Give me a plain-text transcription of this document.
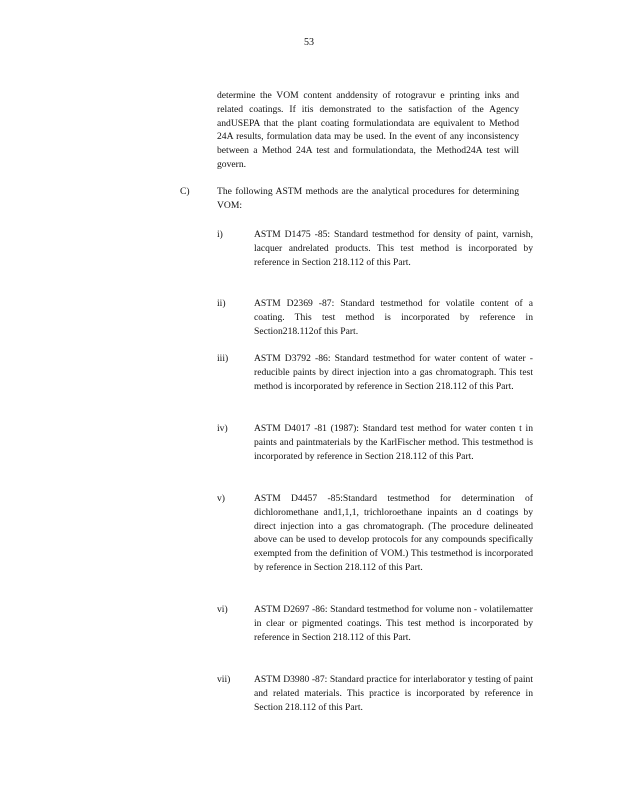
53
determine the VOM content anddensity of rotogravur e printing inks and related coatings. If itis demonstrated to the satisfaction of the Agency andUSEPA that the plant coating formulationdata are equivalent to Method 24A results, formulation data may be used. In the event of any inconsistency between a Method 24A test and formulationdata, the Method24A test will govern.
C)	The following ASTM methods are the analytical procedures for determining VOM:
i)	ASTM D1475 -85: Standard testmethod for density of paint, varnish, lacquer andrelated products. This test method is incorporated by reference in Section 218.112 of this Part.
ii)	ASTM D2369 -87: Standard testmethod for volatile content of a coating. This test method is incorporated by reference in Section218.112of this Part.
iii)	ASTM D3792 -86: Standard testmethod for water content of water -reducible paints by direct injection into a gas chromatograph. This test method is incorporated by reference in Section 218.112 of this Part.
iv)	ASTM D4017 -81 (1987): Standard test method for water conten t in paints and paintmaterials by the KarlFischer method. This testmethod is incorporated by reference in Section 218.112 of this Part.
v)	ASTM D4457 -85:Standard testmethod for determination of dichloromethane and1,1,1, trichloroethane inpaints an d coatings by direct injection into a gas chromatograph. (The procedure delineated above can be used to develop protocols for any compounds specifically exempted from the definition of VOM.) This testmethod is incorporated by reference in Section 218.112 of this Part.
vi)	ASTM D2697 -86: Standard testmethod for volume non - volatilematter in clear or pigmented coatings. This test method is incorporated by reference in Section 218.112 of this Part.
vii) ASTM D3980 -87: Standard practice for interlaborator y testing of paint and related materials. This practice is incorporated by reference in Section 218.112 of this Part.
